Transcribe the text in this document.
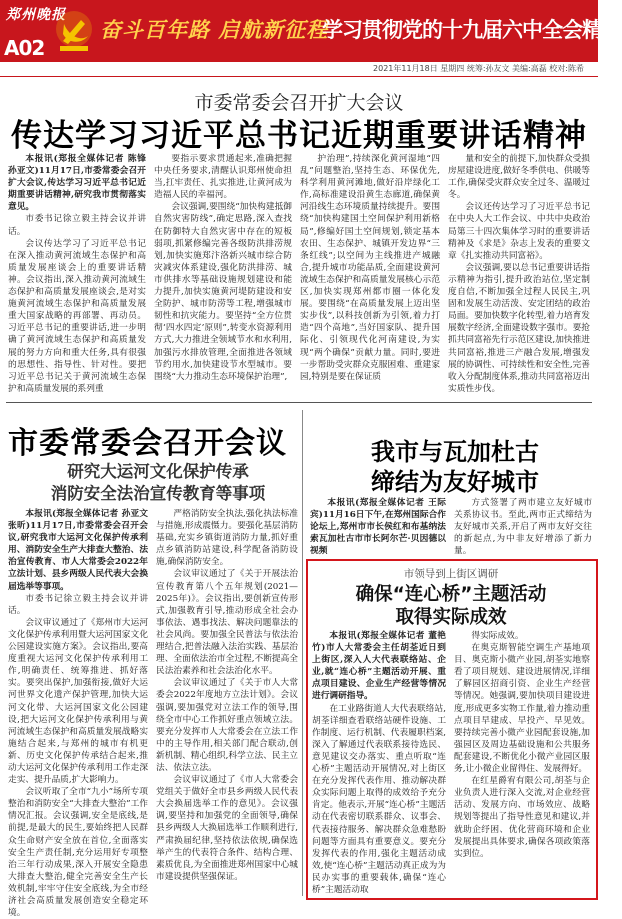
郑州晚报
A02
奋斗百年路 启航新征程
学习贯彻党的十九届六中全会精神
2021年11月18日 星期四 统筹:孙友文 美编:高磊 校对:陈希
市委常委会召开扩大会议
传达学习习近平总书记近期重要讲话精神

本报讯(郑报全媒体记者 陈锋 孙亚文)11月17日,市委常委会召开扩大会议,传达学习习近平总书记近期重要讲话精神,研究我市贯彻落实意见。

市委书记徐立毅主持会议并讲话。

会议传达学习了习近平总书记在深入推动黄河流域生态保护和高质量发展座谈会上的重要讲话精神。会议指出,深入推动黄河流域生态保护和高质量发展座谈会,是对实施黄河流域生态保护和高质量发展重大国家战略的再部署、再动员。习近平总书记的重要讲话,进一步明确了黄河流域生态保护和高质量发展的努力方向和重大任务,具有很强的思想性、指导性、针对性。要把习近平总书记关于黄河流域生态保护和高质量发展的系列重

要指示要求贯通起来,准确把握中央任务要求,清醒认识郑州使命担当,扛牢责任、扎实推进,让黄河成为造福人民的幸福河。

会议强调,要围绕“加快构建抵御自然灾害防线”,确定思路,深入查找在防御特大自然灾害中存在的短板弱项,抓紧修编完善各级防洪排涝规划,加快实施郑汴洛新兴城市综合防灾减灾体系建设,强化防洪排涝、城市供排水等基础设施规划建设和能力提升,加快实施黄河堤防建设和安全防护、城市防涝等工程,增强城市韧性和抗灾能力。要坚持“全方位贯彻‘四水四定’原则”,转变水资源利用方式,大力推进全领域节水和水利用,加强污水排放管理,全面推进各领域节约用水,加快建设节水型城市。要围绕“大力推动生态环境保护治理”,

护治理”,持续深化黄河湿地“四乱”问题整治,坚持生态、环保优先,科学利用黄河滩地,做好沿岸绿化工作,高标准建设沿黄生态廊道,确保黄河沿线生态环境质量持续提升。要围绕“加快构建国土空间保护利用新格局”,修编好国土空间规划,锁定基本农田、生态保护、城镇开发边界“三条红线”;以空间为主线推进产城融合,提升城市功能品质,全面建设黄河流域生态保护和高质量发展核心示范区,加快实现郑州都市圈一体化发展。要围绕“在高质量发展上迈出坚实步伐”,以科技创新为引领,着力打造“四个高地”,当好国家队、提升国际化、引领现代化河南建设,为实现“两个确保”贡献力量。同时,要进一步帮助受灾群众克服困难、重建家园,特别是要在保证质

量和安全的前提下,加快群众受损房屋建设进度,做好冬季供电、供暖等工作,确保受灾群众安全过冬、温暖过冬。

会议还传达学习了习近平总书记在中央人大工作会议、中共中央政治局第三十四次集体学习时的重要讲话精神及《求是》杂志上发表的重要文章《扎实推动共同富裕》。

会议强调,要以总书记重要讲话指示精神为指引,提升政治站位,坚定制度自信,不断加强全过程人民民主,巩固和发展生动活泼、安定团结的政治局面。要加快数字化转型,着力培育发展数字经济,全面建设数字强市。要抢抓共同富裕先行示范区建设,加快推进共同富裕,推进三产融合发展,增强发展的协调性、可持续性和安全性,完善收入分配制度体系,推动共同富裕迈出实质性步伐。

市委常委会召开会议
研究大运河文化保护传承
消防安全法治宣传教育等事项

本报讯(郑报全媒体记者 孙亚文 张昕)11月17日,市委常委会召开会议,研究我市大运河文化保护传承利用、消防安全生产大排查大整治、法治宣传教育、市人大常委会2022年立法计划、县乡两级人民代表大会换届选举等事项。

市委书记徐立毅主持会议并讲话。

会议审议通过了《郑州市大运河文化保护传承利用暨大运河国家文化公园建设实施方案》。会议指出,要高度重视大运河文化保护传承利用工作,明确责任、统筹推进、抓好落实。要突出保护,加强衔接,做好大运河世界文化遗产保护管理,加快大运河文化带、大运河国家文化公园建设,把大运河文化保护传承利用与黄河流域生态保护和高质量发展战略实施结合起来,与郑州的城市有机更新、历史文化保护传承结合起来,推动大运河文化保护传承利用工作走深走实、提升品质,扩大影响力。

会议听取了全市“九小”场所专项整治和消防安全“大排查大整治”工作情况汇报。会议强调,安全是底线,是前提,是最大的民生,要始终把人民群众生命财产安全放在首位,全面落实安全生产责任制,充分运用好专项整治三年行动成果,深入开展安全隐患大排查大整治,健全完善安全生产长效机制,牢牢守住安全底线,为全市经济社会高质量发展创造安全稳定环境。

严格消防安全执法,强化执法标准与措施,形成震慑力。要强化基层消防基础,充实乡镇街道消防力量,抓好重点乡镇消防站建设,科学配备消防设施,确保消防安全。

会议审议通过了《关于开展法治宣传教育第八个五年规划(2021—2025年)》。会议指出,要创新宣传形式,加强教育引导,推动形成全社会办事依法、遇事找法、解决问题靠法的社会风尚。要加强全民普法与依法治理结合,把普法融入法治实践、基层治理、全面依法治市全过程,不断提高全民法治素养和社会法治化水平。

会议审议通过了《关于市人大常委会2022年度地方立法计划》。会议强调,要加强党对立法工作的领导,围绕全市中心工作抓好重点领域立法。要充分发挥市人大常委会在立法工作中的主导作用,相关部门配合联动,创新机制、精心组织,科学立法、民主立法、依法立法。

会议审议通过了《市人大常委会党组关于做好全市县乡两级人民代表大会换届选举工作的意见》。会议强调,要坚持和加强党的全面领导,确保县乡两级人大换届选举工作顺利进行,严肃换届纪律,坚持依法依规,确保选举产生的代表符合条件、结构合理、素质优良,为全面推进郑州国家中心城市建设提供坚强保证。

我市与瓦加杜古
缔结为友好城市

本报讯(郑报全媒体记者 王际宾)11月16日下午,在郑州国际合作论坛上,郑州市市长侯红和布基纳法索瓦加杜古市市长阿尔芒·贝因德以视频

方式签署了两市建立友好城市关系协议书。至此,两市正式缔结为友好城市关系,开启了两市友好交往的新起点,为中非友好增添了新力量。

市领导到上街区调研
确保“连心桥”主题活动
取得实际成效

本报讯(郑报全媒体记者 董艳竹)市人大常委会主任胡荃近日到上街区,深入人大代表联络站、企业,就“连心桥”主题活动开展、重点项目建设、企业生产经营等情况进行调研指导。

在工业路街道人大代表联络站,胡荃详细查看联络站硬件设施、工作制度、运行机制、代表履职档案,深入了解通过代表联系接待选民、意见建议交办落实、重点听取“连心桥”主题活动开展情况,对上街区在充分发挥代表作用、推动解决群众实际问题上取得的成效给予充分肯定。他表示,开展“连心桥”主题活动在代表密切联系群众、议事会、代表接待服务、解决群众急难愁盼问题等方面具有重要意义。要充分发挥代表的作用,强化主题活动成效,使“连心桥”主题活动真正成为为民办实事的重要载体,确保“连心桥”主题活动取

得实际成效。

在奥克斯智能空调生产基地项目、奥克斯小微产业园,胡荃实地察看了项目规划、建设进展情况,详细了解园区招商引资、企业生产经营等情况。她强调,要加快项目建设进度,形成更多实物工作量,着力推动重点项目早建成、早投产、早见效。要持续完善小微产业园配套设施,加强园区及周边基础设施和公共服务配套建设,不断优化小微产业园区服务,让小微企业留得住、发展得好。

在红星爵宥有限公司,胡荃与企业负责人进行深入交流,对企业经营活动、发展方向、市场效应、战略规划等提出了指导性意见和建议,并就助企纾困、优化营商环境和企业发展提出具体要求,确保各项政策落实到位。
